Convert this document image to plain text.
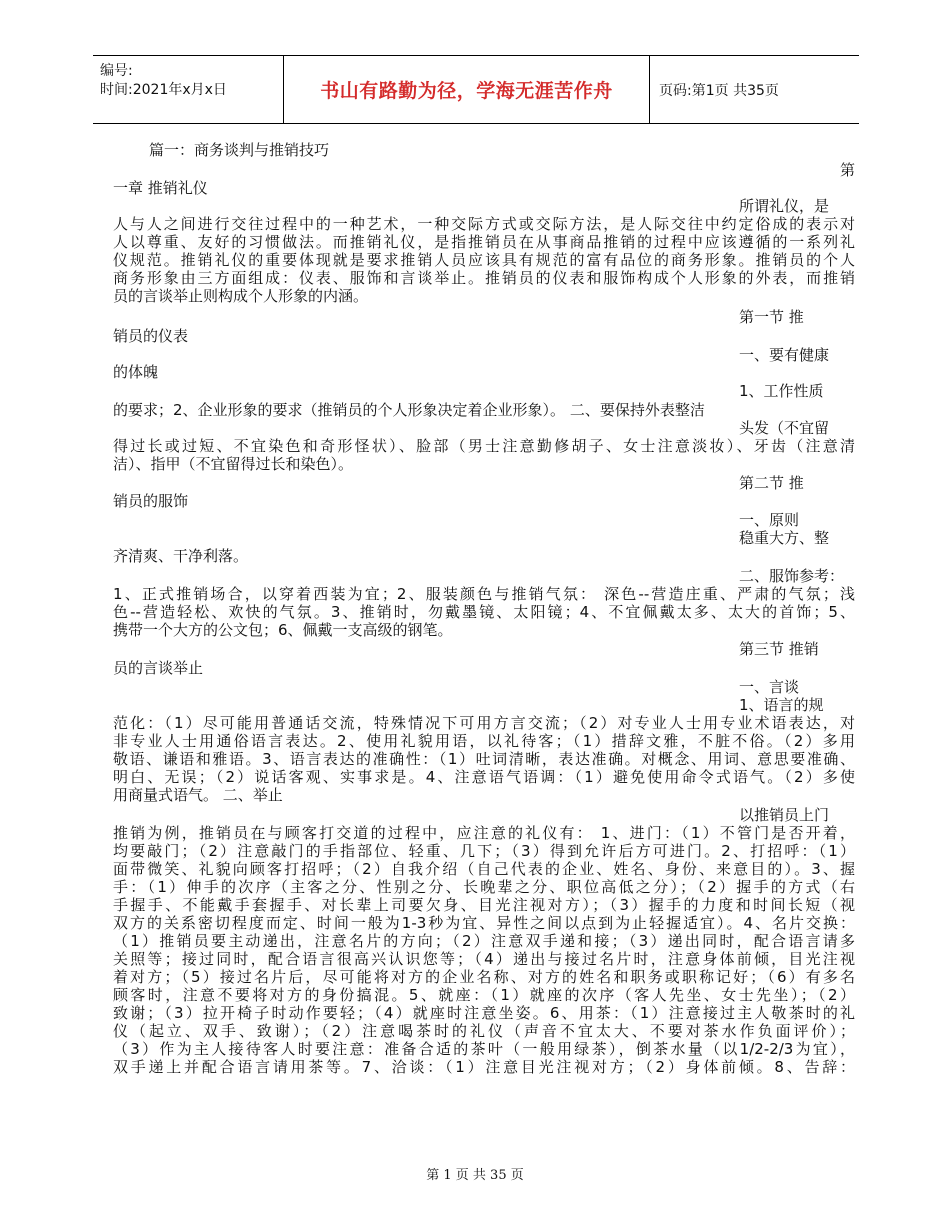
编号:
时间:2021年x月x日	书山有路勤为径，学海无涯苦作舟	页码:第1页 共35页
篇一：商务谈判与推销技巧
第
一章 推销礼仪
所谓礼仪，是
人与人之间进行交往过程中的一种艺术，一种交际方式或交际方法，是人际交往中约定俗成的表示对
人以尊重、友好的习惯做法。而推销礼仪，是指推销员在从事商品推销的过程中应该遵循的一系列礼
仪规范。推销礼仪的重要体现就是要求推销人员应该具有规范的富有品位的商务形象。推销员的个人
商务形象由三方面组成：仪表、服饰和言谈举止。推销员的仪表和服饰构成个人形象的外表，而推销
员的言谈举止则构成个人形象的内涵。
第一节 推
销员的仪表
一、要有健康
的体魄
1、工作性质
的要求；2、企业形象的要求（推销员的个人形象决定着企业形象）。 二、要保持外表整洁
头发（不宜留
得过长或过短、不宜染色和奇形怪状）、脸部（男士注意勤修胡子、女士注意淡妆）、牙齿（注意清
洁）、指甲（不宜留得过长和染色）。
第二节 推
销员的服饰
一、原则
稳重大方、整
齐清爽、干净利落。
二、服饰参考：
1、正式推销场合，以穿着西装为宜；2、服装颜色与推销气氛： 深色--营造庄重、严肃的气氛；浅
色--营造轻松、欢快的气氛。3、推销时，勿戴墨镜、太阳镜；4、不宜佩戴太多、太大的首饰；5、
携带一个大方的公文包；6、佩戴一支高级的钢笔。
第三节 推销
员的言谈举止
一、言谈
1、语言的规
范化：（1）尽可能用普通话交流，特殊情况下可用方言交流；（2）对专业人士用专业术语表达，对
非专业人士用通俗语言表达。2、使用礼貌用语，以礼待客；（1）措辞文雅，不脏不俗。（2）多用
敬语、谦语和雅语。3、语言表达的准确性：（1）吐词清晰，表达准确。对概念、用词、意思要准确、
明白、无误；（2）说话客观、实事求是。4、注意语气语调：（1）避免使用命令式语气。（2）多使
用商量式语气。 二、举止
以推销员上门
推销为例，推销员在与顾客打交道的过程中，应注意的礼仪有： 1、进门：（1）不管门是否开着，
均要敲门；（2）注意敲门的手指部位、轻重、几下；（3）得到允许后方可进门。2、打招呼：（1）
面带微笑、礼貌向顾客打招呼；（2）自我介绍（自己代表的企业、姓名、身份、来意目的）。3、握
手：（1）伸手的次序（主客之分、性别之分、长晚辈之分、职位高低之分）；（2）握手的方式（右
手握手、不能戴手套握手、对长辈上司要欠身、目光注视对方）；（3）握手的力度和时间长短（视
双方的关系密切程度而定、时间一般为1-3秒为宜、异性之间以点到为止轻握适宜）。4、名片交换：
（1）推销员要主动递出，注意名片的方向；（2）注意双手递和接；（3）递出同时，配合语言请多
关照等；接过同时，配合语言很高兴认识您等；（4）递出与接过名片时，注意身体前倾，目光注视
着对方；（5）接过名片后，尽可能将对方的企业名称、对方的姓名和职务或职称记好；（6）有多名
顾客时，注意不要将对方的身份搞混。5、就座：（1）就座的次序（客人先坐、女士先坐）；（2）
致谢；（3）拉开椅子时动作要轻；（4）就座时注意坐姿。6、用茶：（1）注意接过主人敬茶时的礼
仪（起立、双手、致谢）；（2）注意喝茶时的礼仪（声音不宜太大、不要对茶水作负面评价）；
（3）作为主人接待客人时要注意：准备合适的茶叶（一般用绿茶），倒茶水量（以1/2-2/3为宜），
双手递上并配合语言请用茶等。7、洽谈：（1）注意目光注视对方；（2）身体前倾。8、告辞：
第 1 页 共 35 页
